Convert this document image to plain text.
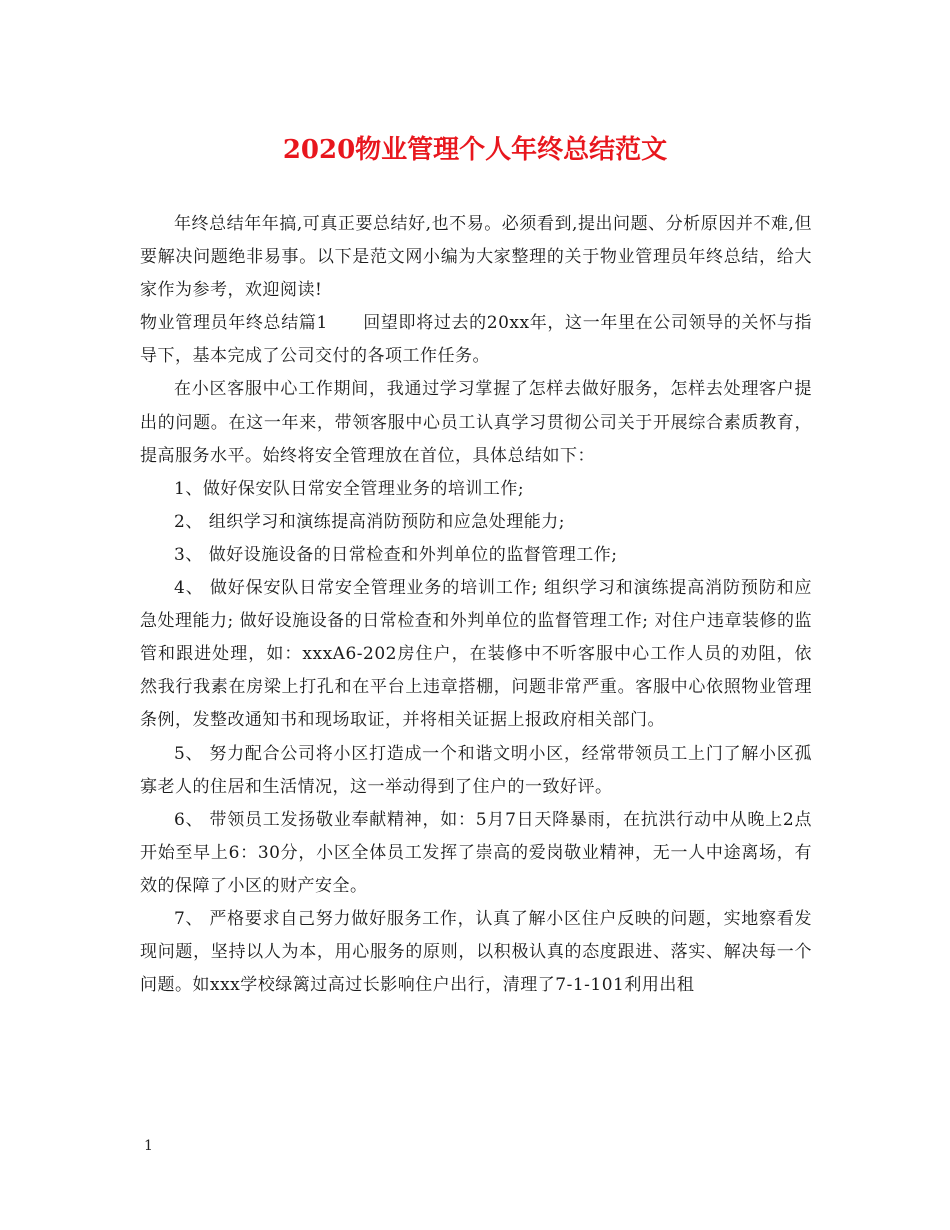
2020物业管理个人年终总结范文

年终总结年年搞,可真正要总结好,也不易。必须看到,提出问题、分析原因并不难,但要解决问题绝非易事。以下是范文网小编为大家整理的关于物业管理员年终总结，给大家作为参考，欢迎阅读!

物业管理员年终总结篇1　　回望即将过去的20xx年，这一年里在公司领导的关怀与指导下，基本完成了公司交付的各项工作任务。

在小区客服中心工作期间，我通过学习掌握了怎样去做好服务，怎样去处理客户提出的问题。在这一年来，带领客服中心员工认真学习贯彻公司关于开展综合素质教育，提高服务水平。始终将安全管理放在首位，具体总结如下：

1、做好保安队日常安全管理业务的培训工作;

2、 组织学习和演练提高消防预防和应急处理能力;

3、 做好设施设备的日常检查和外判单位的监督管理工作;

4、 做好保安队日常安全管理业务的培训工作; 组织学习和演练提高消防预防和应急处理能力; 做好设施设备的日常检查和外判单位的监督管理工作; 对住户违章装修的监管和跟进处理，如：xxxA6-202房住户，在装修中不听客服中心工作人员的劝阻，依然我行我素在房梁上打孔和在平台上违章搭棚，问题非常严重。客服中心依照物业管理条例，发整改通知书和现场取证，并将相关证据上报政府相关部门。

5、 努力配合公司将小区打造成一个和谐文明小区，经常带领员工上门了解小区孤寡老人的住居和生活情况，这一举动得到了住户的一致好评。

6、 带领员工发扬敬业奉献精神，如：5月7日天降暴雨，在抗洪行动中从晚上2点开始至早上6：30分，小区全体员工发挥了崇高的爱岗敬业精神，无一人中途离场，有效的保障了小区的财产安全。

7、 严格要求自己努力做好服务工作，认真了解小区住户反映的问题，实地察看发现问题，坚持以人为本，用心服务的原则，以积极认真的态度跟进、落实、解决每一个问题。如xxx学校绿篱过高过长影响住户出行，清理了7-1-101利用出租

1
